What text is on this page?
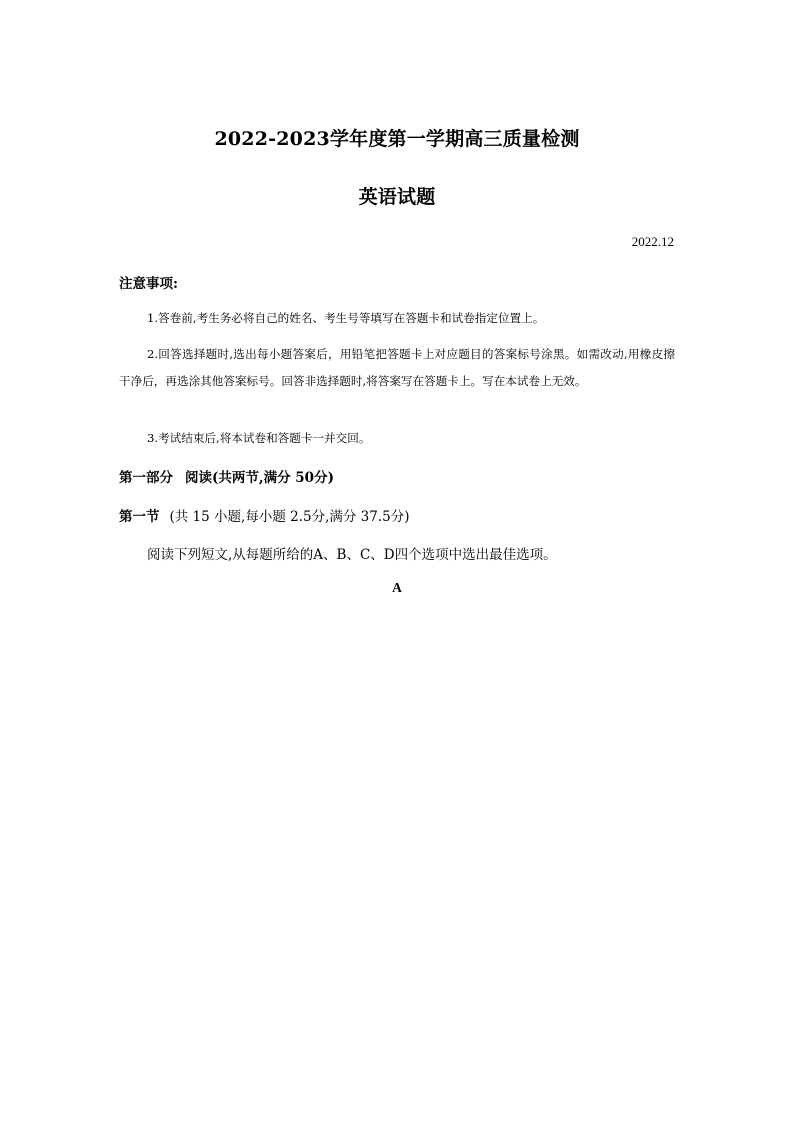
2022-2023学年度第一学期高三质量检测
英语试题
2022.12
注意事项:

1.答卷前,考生务必将自己的姓名、考生号等填写在答题卡和试卷指定位置上。

2.回答选择题时,选出每小题答案后，用铅笔把答题卡上对应题目的答案标号涂黑。如需改动,用橡皮擦干净后，再选涂其他答案标号。回答非选择题时,将答案写在答题卡上。写在本试卷上无效。

3.考试结束后,将本试卷和答题卡一并交回。

第一部分 阅读(共两节,满分 50分)
第一节 (共 15 小题,每小题 2.5分,满分 37.5分)
阅读下列短文,从每题所给的A、B、C、D四个选项中选出最佳选项。
A
